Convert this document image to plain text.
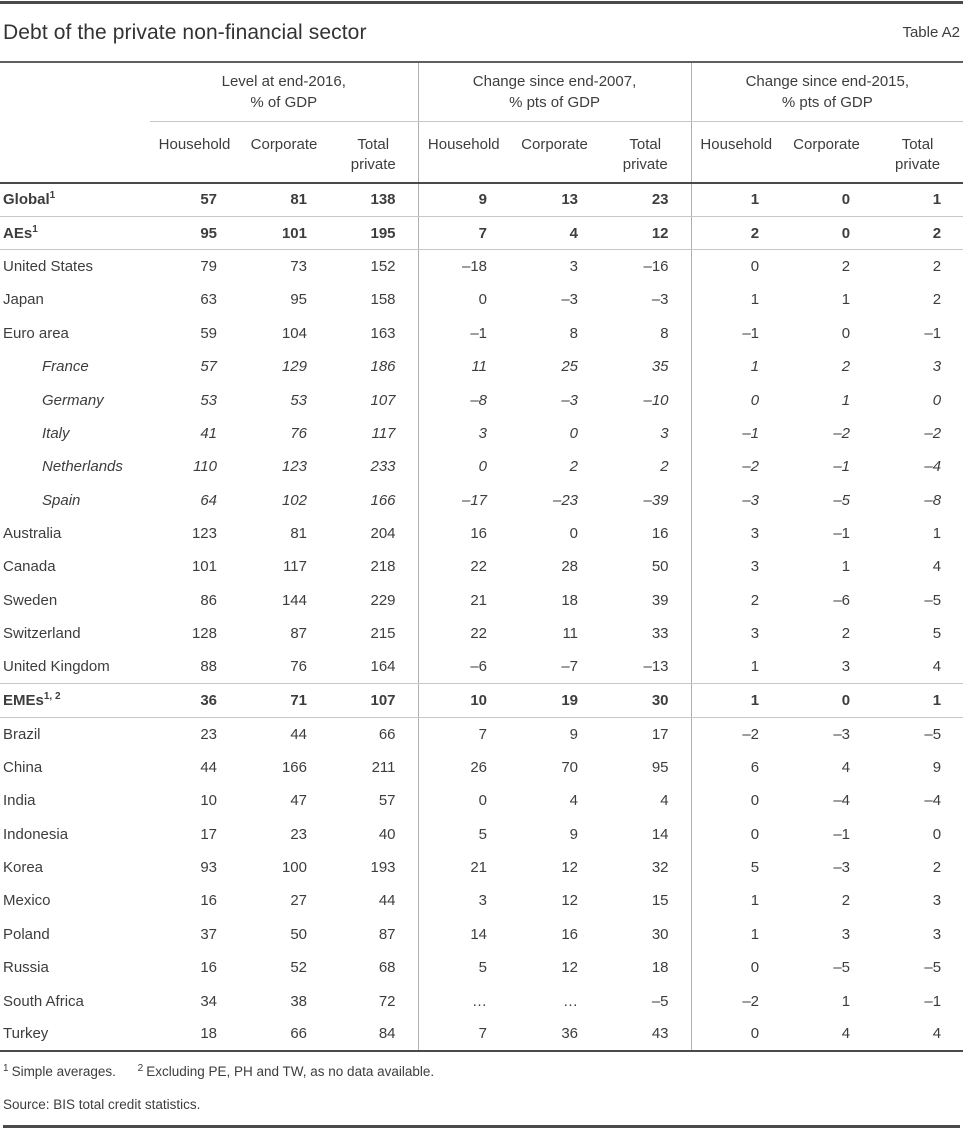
Debt of the private non-financial sector	Table A2

	Level at end-2016,
% of GDP			Change since end-2007,
% pts of GDP			Change since end-2015,
% pts of GDP		

	Household	Corporate	Total private	Household	Corporate	Total private	Household	Corporate	Total private
Global$^1$	57	81	138	9	13	23	1	0	1
AEs$^1$	95	101	195	7	4	12	2	0	2
United States	79	73	152	–18	3	–16	0	2	2
Japan	63	95	158	0	–3	–3	1	1	2
Euro area	59	104	163	–1	8	8	–1	0	–1
France	57	129	186	11	25	35	1	2	3
Germany	53	53	107	–8	–3	–10	0	1	0
Italy	41	76	117	3	0	3	–1	–2	–2
Netherlands	110	123	233	0	2	2	–2	–1	–4
Spain	64	102	166	–17	–23	–39	–3	–5	–8
Australia	123	81	204	16	0	16	3	–1	1
Canada	101	117	218	22	28	50	3	1	4
Sweden	86	144	229	21	18	39	2	–6	–5
Switzerland	128	87	215	22	11	33	3	2	5
United Kingdom	88	76	164	–6	–7	–13	1	3	4
EMEs$^{1, 2}$	36	71	107	10	19	30	1	0	1
Brazil	23	44	66	7	9	17	–2	–3	–5
China	44	166	211	26	70	95	6	4	9
India	10	47	57	0	4	4	0	–4	–4
Indonesia	17	23	40	5	9	14	0	–1	0
Korea	93	100	193	21	12	32	5	–3	2
Mexico	16	27	44	3	12	15	1	2	3
Poland	37	50	87	14	16	30	1	3	3
Russia	16	52	68	5	12	18	0	–5	–5
South Africa	34	38	72	…	…	–5	–2	1	–1
Turkey	18	66	84	7	36	43	0	4	4

$^1$ Simple averages. $^2$ Excluding PE, PH and TW, as no data available.

Source: BIS total credit statistics.
